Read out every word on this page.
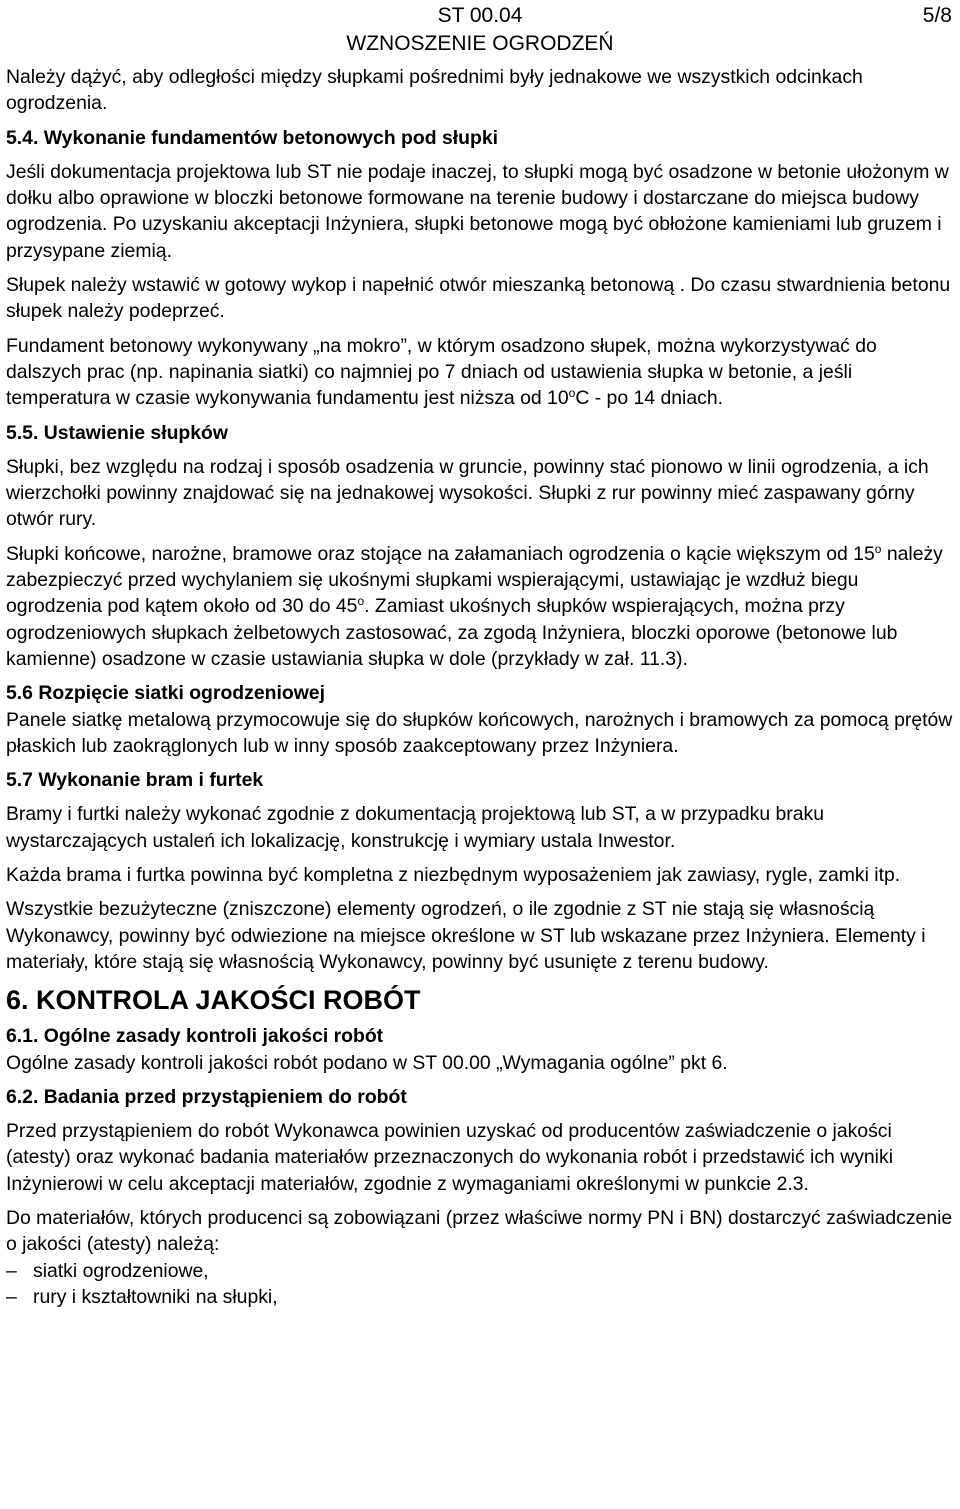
ST 00.04
WZNOSZENIE OGRODZEŃ
5/8

Należy dążyć, aby odległości między słupkami pośrednimi były jednakowe we wszystkich odcinkach ogrodzenia.

5.4. Wykonanie fundamentów betonowych pod słupki

Jeśli dokumentacja projektowa lub ST nie podaje inaczej, to słupki mogą być osadzone w betonie ułożonym w dołku albo oprawione w bloczki betonowe formowane na terenie budowy i dostarczane do miejsca budowy ogrodzenia. Po uzyskaniu akceptacji Inżyniera, słupki betonowe mogą być obłożone kamieniami lub gruzem i przysypane ziemią.

Słupek należy wstawić w gotowy wykop i napełnić otwór mieszanką betonową . Do czasu stwardnienia betonu słupek należy podeprzeć.

Fundament betonowy wykonywany „na mokro”, w którym osadzono słupek, można wykorzystywać do dalszych prac (np. napinania siatki) co najmniej po 7 dniach od ustawienia słupka w betonie, a jeśli temperatura w czasie wykonywania fundamentu jest niższa od 10$^o$C - po 14 dniach.

5.5. Ustawienie słupków

Słupki, bez względu na rodzaj i sposób osadzenia w gruncie, powinny stać pionowo w linii ogrodzenia, a ich wierzchołki powinny znajdować się na jednakowej wysokości. Słupki z rur powinny mieć zaspawany górny otwór rury.

Słupki końcowe, narożne, bramowe oraz stojące na załamaniach ogrodzenia o kącie większym od 15$^o$ należy zabezpieczyć przed wychylaniem się ukośnymi słupkami wspierającymi, ustawiając je wzdłuż biegu ogrodzenia pod kątem około od 30 do 45$^o$. Zamiast ukośnych słupków wspierających, można przy ogrodzeniowych słupkach żelbetowych zastosować, za zgodą Inżyniera, bloczki oporowe (betonowe lub kamienne) osadzone w czasie ustawiania słupka w dole (przykłady w zał. 11.3).

5.6 Rozpięcie siatki ogrodzeniowej

Panele siatkę metalową przymocowuje się do słupków końcowych, narożnych i bramowych za pomocą prętów płaskich lub zaokrąglonych lub w inny sposób zaakceptowany przez Inżyniera.

5.7 Wykonanie bram i furtek

Bramy i furtki należy wykonać zgodnie z dokumentacją projektową lub ST, a w przypadku braku wystarczających ustaleń ich lokalizację, konstrukcję i wymiary ustala Inwestor.

Każda brama i furtka powinna być kompletna z niezbędnym wyposażeniem jak zawiasy, rygle, zamki itp.

Wszystkie bezużyteczne (zniszczone) elementy ogrodzeń, o ile zgodnie z ST nie stają się własnością Wykonawcy, powinny być odwiezione na miejsce określone w ST lub wskazane przez Inżyniera. Elementy i materiały, które stają się własnością Wykonawcy, powinny być usunięte z terenu budowy.

6. KONTROLA JAKOŚCI ROBÓT
6.1. Ogólne zasady kontroli jakości robót

Ogólne zasady kontroli jakości robót podano w ST 00.00 „Wymagania ogólne” pkt 6.

6.2. Badania przed przystąpieniem do robót

Przed przystąpieniem do robót Wykonawca powinien uzyskać od producentów zaświadczenie o jakości (atesty) oraz wykonać badania materiałów przeznaczonych do wykonania robót i przedstawić ich wyniki Inżynierowi w celu akceptacji materiałów, zgodnie z wymaganiami określonymi w punkcie 2.3.

Do materiałów, których producenci są zobowiązani (przez właściwe normy PN i BN) dostarczyć zaświadczenie o jakości (atesty) należą:

– siatki ogrodzeniowe,
– rury i kształtowniki na słupki,
